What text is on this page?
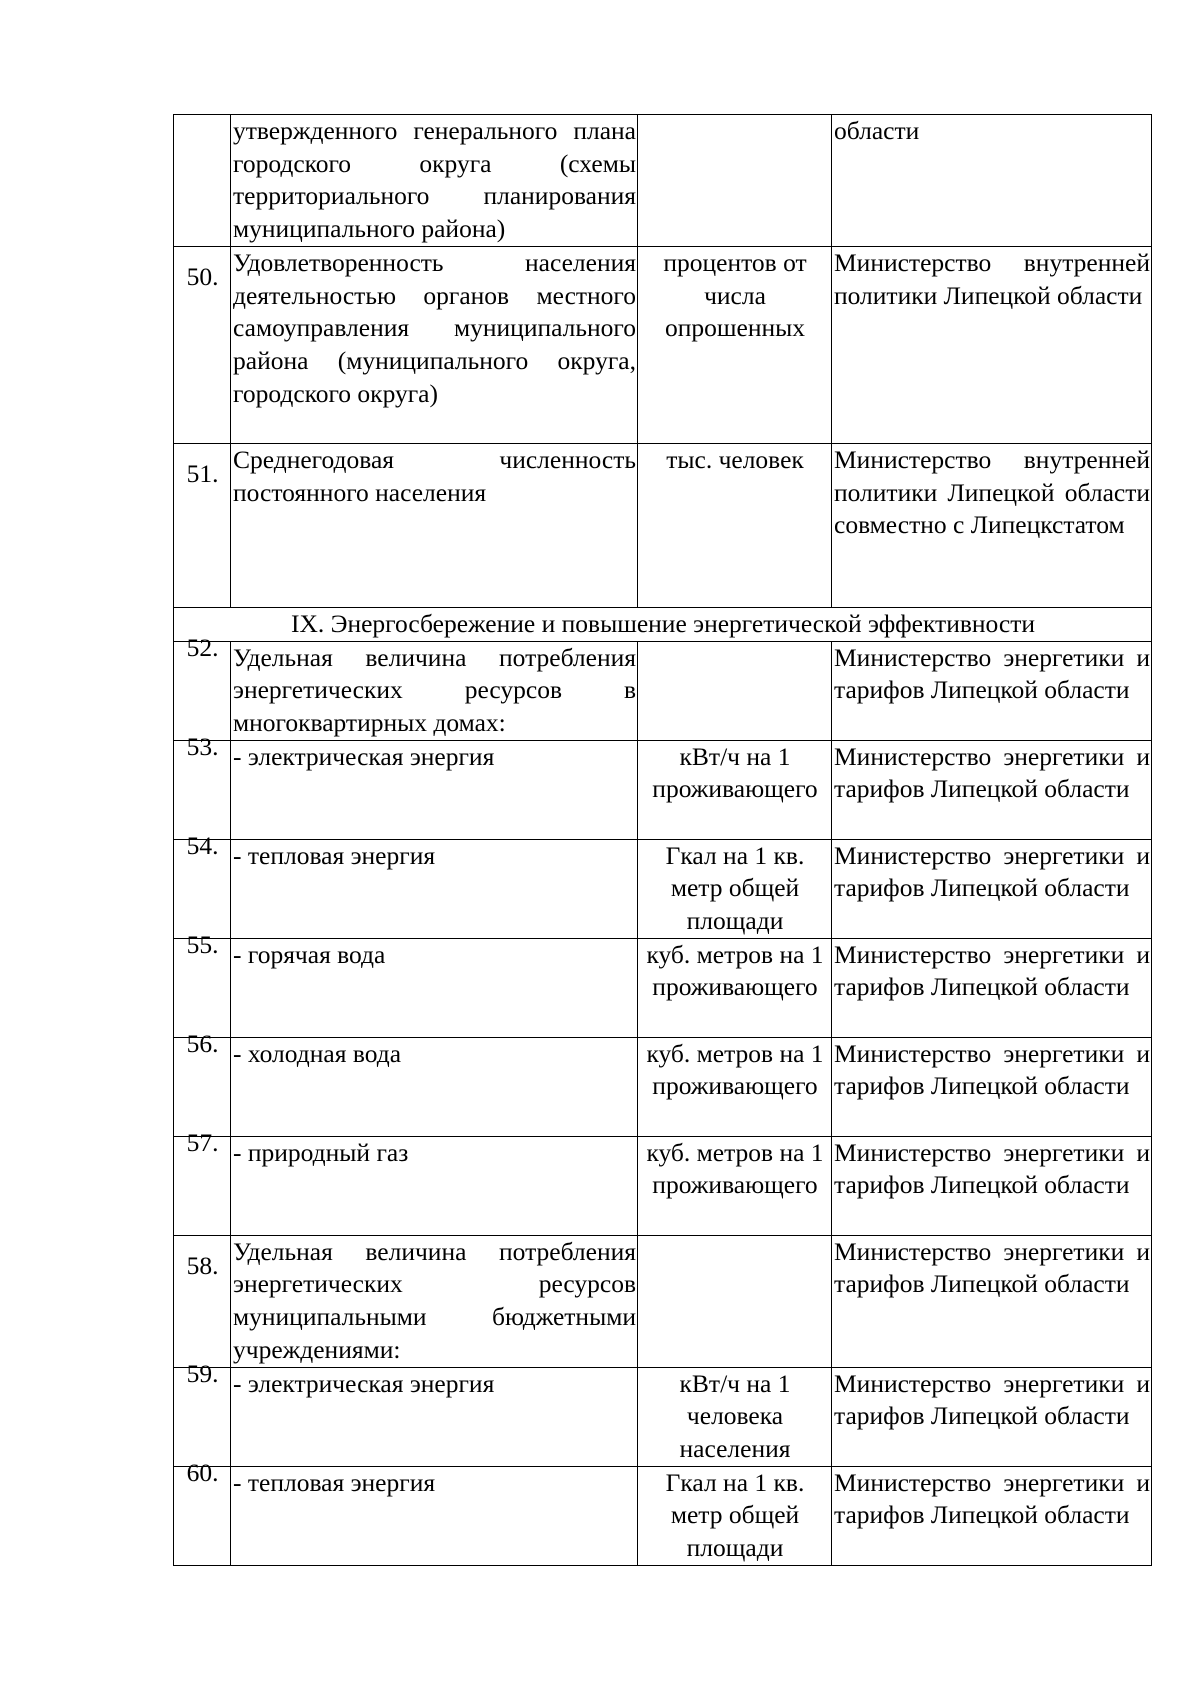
	утвержденного генерального плана городского округа (схемы территориального планирования муниципального района)		области

50.	Удовлетворенность населения деятельностью органов местного самоуправления муниципального района (муниципального округа, городского округа)	процентов от числа опрошенных	Министерство внутренней политики Липецкой области

51.	Среднегодовая численность постоянного населения	тыс. человек	Министерство внутренней политики Липецкой области совместно с Липецкстатом
IX. Энергосбережение и повышение энергетической эффективности			

52.	Удельная величина потребления энергетических ресурсов в многоквартирных домах:		Министерство энергетики и тарифов Липецкой области

53.	- электрическая энергия	кВт/ч на 1 проживающего	Министерство энергетики и тарифов Липецкой области

54.	- тепловая энергия	Гкал на 1 кв. метр общей площади	Министерство энергетики и тарифов Липецкой области

55.	- горячая вода	куб. метров на 1 проживающего	Министерство энергетики и тарифов Липецкой области

56.	- холодная вода	куб. метров на 1 проживающего	Министерство энергетики и тарифов Липецкой области

57.	- природный газ	куб. метров на 1 проживающего	Министерство энергетики и тарифов Липецкой области

58.	Удельная величина потребления энергетических ресурсов муниципальными бюджетными учреждениями:		Министерство энергетики и тарифов Липецкой области

59.	- электрическая энергия	кВт/ч на 1 человека населения	Министерство энергетики и тарифов Липецкой области

60.	- тепловая энергия	Гкал на 1 кв. метр общей площади	Министерство энергетики и тарифов Липецкой области
